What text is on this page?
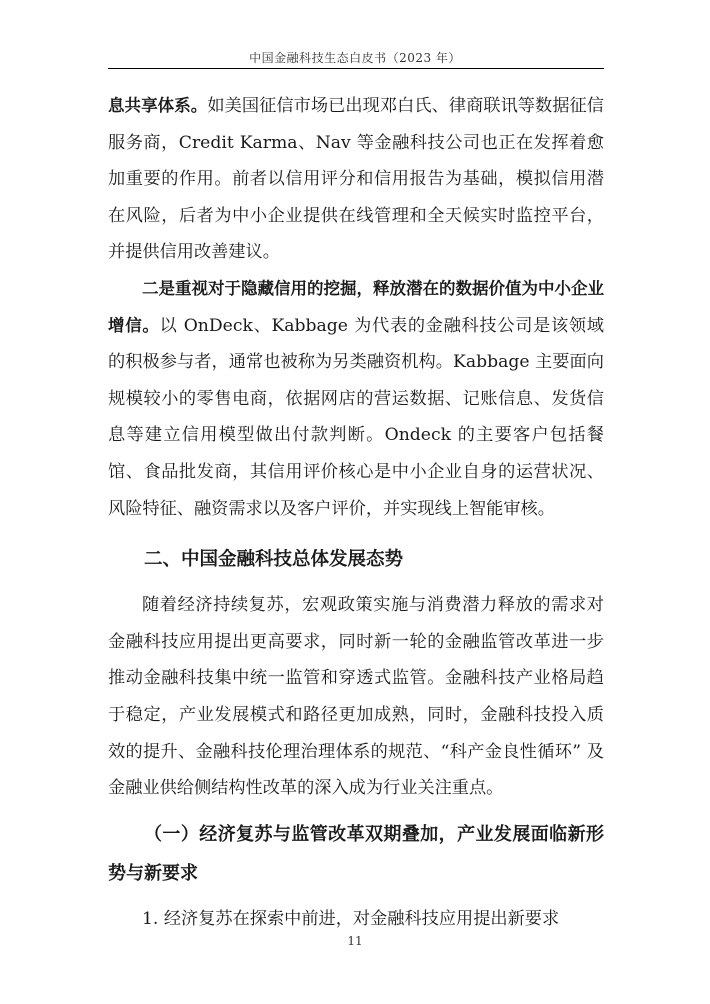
中国金融科技生态白皮书（2023 年）

息共享体系。如美国征信市场已出现邓白氏、律商联讯等数据征信服务商，Credit Karma、Nav 等金融科技公司也正在发挥着愈加重要的作用。前者以信用评分和信用报告为基础，模拟信用潜在风险，后者为中小企业提供在线管理和全天候实时监控平台，并提供信用改善建议。

二是重视对于隐藏信用的挖掘，释放潜在的数据价值为中小企业增信。以 OnDeck、Kabbage 为代表的金融科技公司是该领域的积极参与者，通常也被称为另类融资机构。Kabbage 主要面向规模较小的零售电商，依据网店的营运数据、记账信息、发货信息等建立信用模型做出付款判断。Ondeck 的主要客户包括餐馆、食品批发商，其信用评价核心是中小企业自身的运营状况、风险特征、融资需求以及客户评价，并实现线上智能审核。

二、中国金融科技总体发展态势

随着经济持续复苏，宏观政策实施与消费潜力释放的需求对金融科技应用提出更高要求，同时新一轮的金融监管改革进一步推动金融科技集中统一监管和穿透式监管。金融科技产业格局趋于稳定，产业发展模式和路径更加成熟，同时，金融科技投入质效的提升、金融科技伦理治理体系的规范、“科产金良性循环” 及金融业供给侧结构性改革的深入成为行业关注重点。

（一）经济复苏与监管改革双期叠加，产业发展面临新形势与新要求

1. 经济复苏在探索中前进，对金融科技应用提出新要求

11
